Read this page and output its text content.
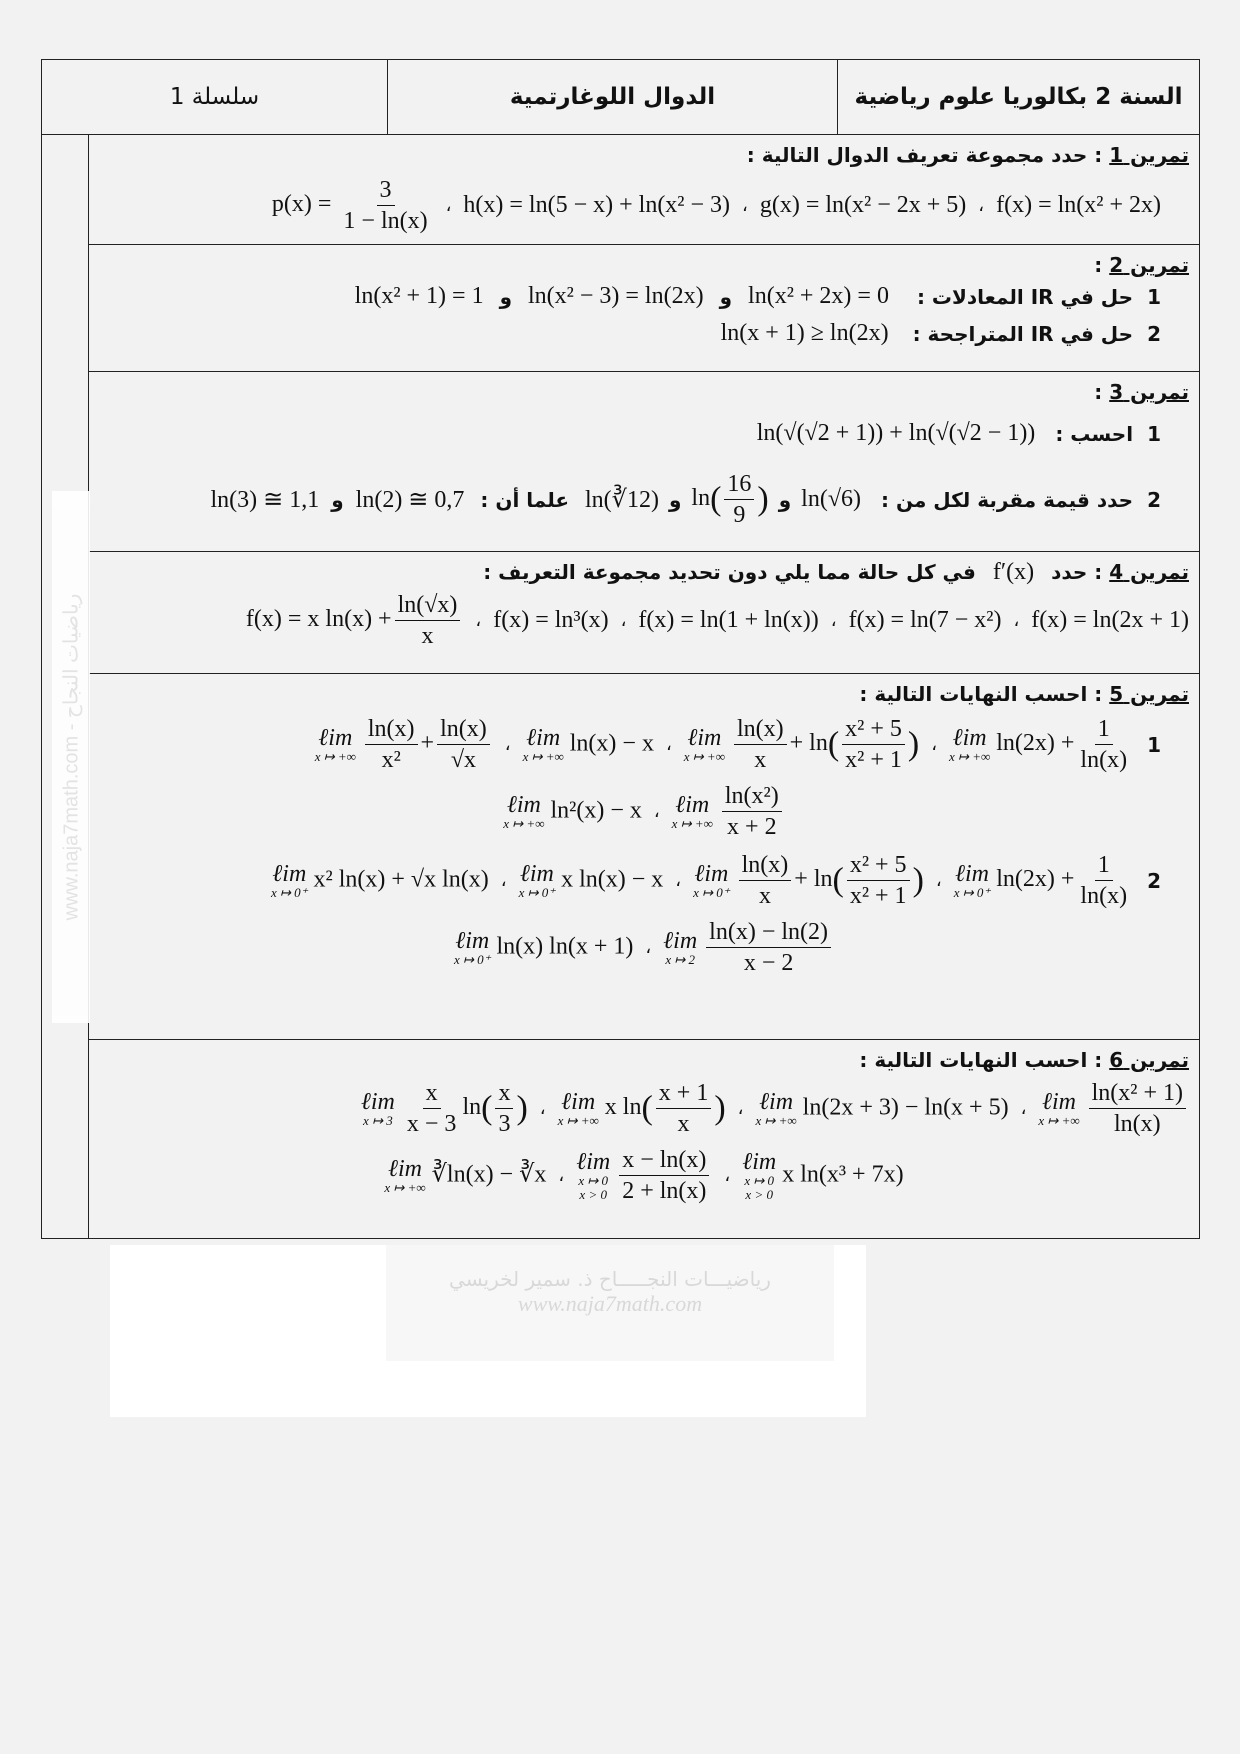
السنة 2 بكالوريا علوم رياضية
الدوال اللوغارتمية
سلسلة 1
www.naja7math.com - رياضيات النجاح
تمرين 1 : حدد مجموعة تعريف الدوال التالية :
f(x) = ln(x² + 2x)
،
g(x) = ln(x² − 2x + 5)
،
h(x) = ln(5 − x) + ln(x² − 3)
،
$p(x) = \frac{3}{1 - \ln(x)}$
تمرين 2 :
1
حل في IR المعادلات :
ln(x² + 2x) = 0
و
ln(x² − 3) = ln(2x)
و
ln(x² + 1) = 1
2
حل في IR المتراجحة :
ln(x + 1) ≥ ln(2x)
تمرين 3 :
1
احسب :
ln(√(√2 + 1)) + ln(√(√2 − 1))
2
حدد قيمة مقربة لكل من :
ln(√6)
و
$\ln( \frac{16}{9}$ )
و
ln(∛12)
علما أن :
ln(2) ≅ 0,7
و
ln(3) ≅ 1,1
تمرين 4 : حدد f′(x) في كل حالة مما يلي دون تحديد مجموعة التعريف :
f(x) = ln(2x + 1)
،
f(x) = ln(7 − x²)
،
f(x) = ln(1 + ln(x))
،
f(x) = ln³(x)
،
f(x) = x $\ln(x) + \frac{\ln(√x)}{x}$
تمرين 5 : احسب النهايات التالية :
1
ℓim
x ↦ +∞ $\ln(2x) + \frac{1}{\ln(x)}$
،
ℓim
x ↦ +∞ $\frac{\ln(x)}{x} + \ln( \frac{\text{x² + 5}}{\text{x² + 1}}$ )
،
ℓim
x ↦ +∞ ln(x) − x
،
ℓim
x ↦ +∞ $\frac{\ln(x)}{\text{x²}} + \frac{\ln(x)}{√x}$
ℓim
x ↦ +∞ $\frac{\text{ln(x²)}}{x + 2}$
،
ℓim
x ↦ +∞ ln²(x) − x
2
ℓim
x ↦ 0⁺ $\ln(2x) + \frac{1}{\ln(x)}$
،
ℓim
x ↦ $0^+ \frac{\ln(x)}{x} + \ln( \frac{\text{x² + 5}}{\text{x² + 1}}$ )
،
ℓim
x ↦ 0⁺ x ln(x) − x
،
ℓim
x ↦ 0⁺ x² ln(x) + √x ln(x)
ℓim
x ↦ $2 \frac{\ln(x) - \ln(2)}{x - 2}$
،
ℓim
x ↦ 0⁺ ln(x) ln(x + 1)
تمرين 6 : احسب النهايات التالية :
ℓim
x ↦ +∞ $\frac{\text{ln(x² + 1)}}{\ln(x)}$
،
ℓim
x ↦ +∞ ln(2x + 3) − ln(x + 5)
،
ℓim
x ↦ +∞ x $\ln( \frac{x + 1}{x}$ )
،
ℓim
x ↦ $3 \frac{x}{x - 3} \ln( \frac{x}{3}$ )
ℓim
x ↦ 0
x > 0
x ln(x³ + 7x)
،
ℓim
x ↦ 0
$x > 0 \frac{x - \ln(x)}{2 + \ln(x)}$
،
ℓim
x ↦ +∞ ∛ln(x) − ∛x
رياضيـــات النجـــــاح ذ. سمير لخريسي
www.naja7math.com
